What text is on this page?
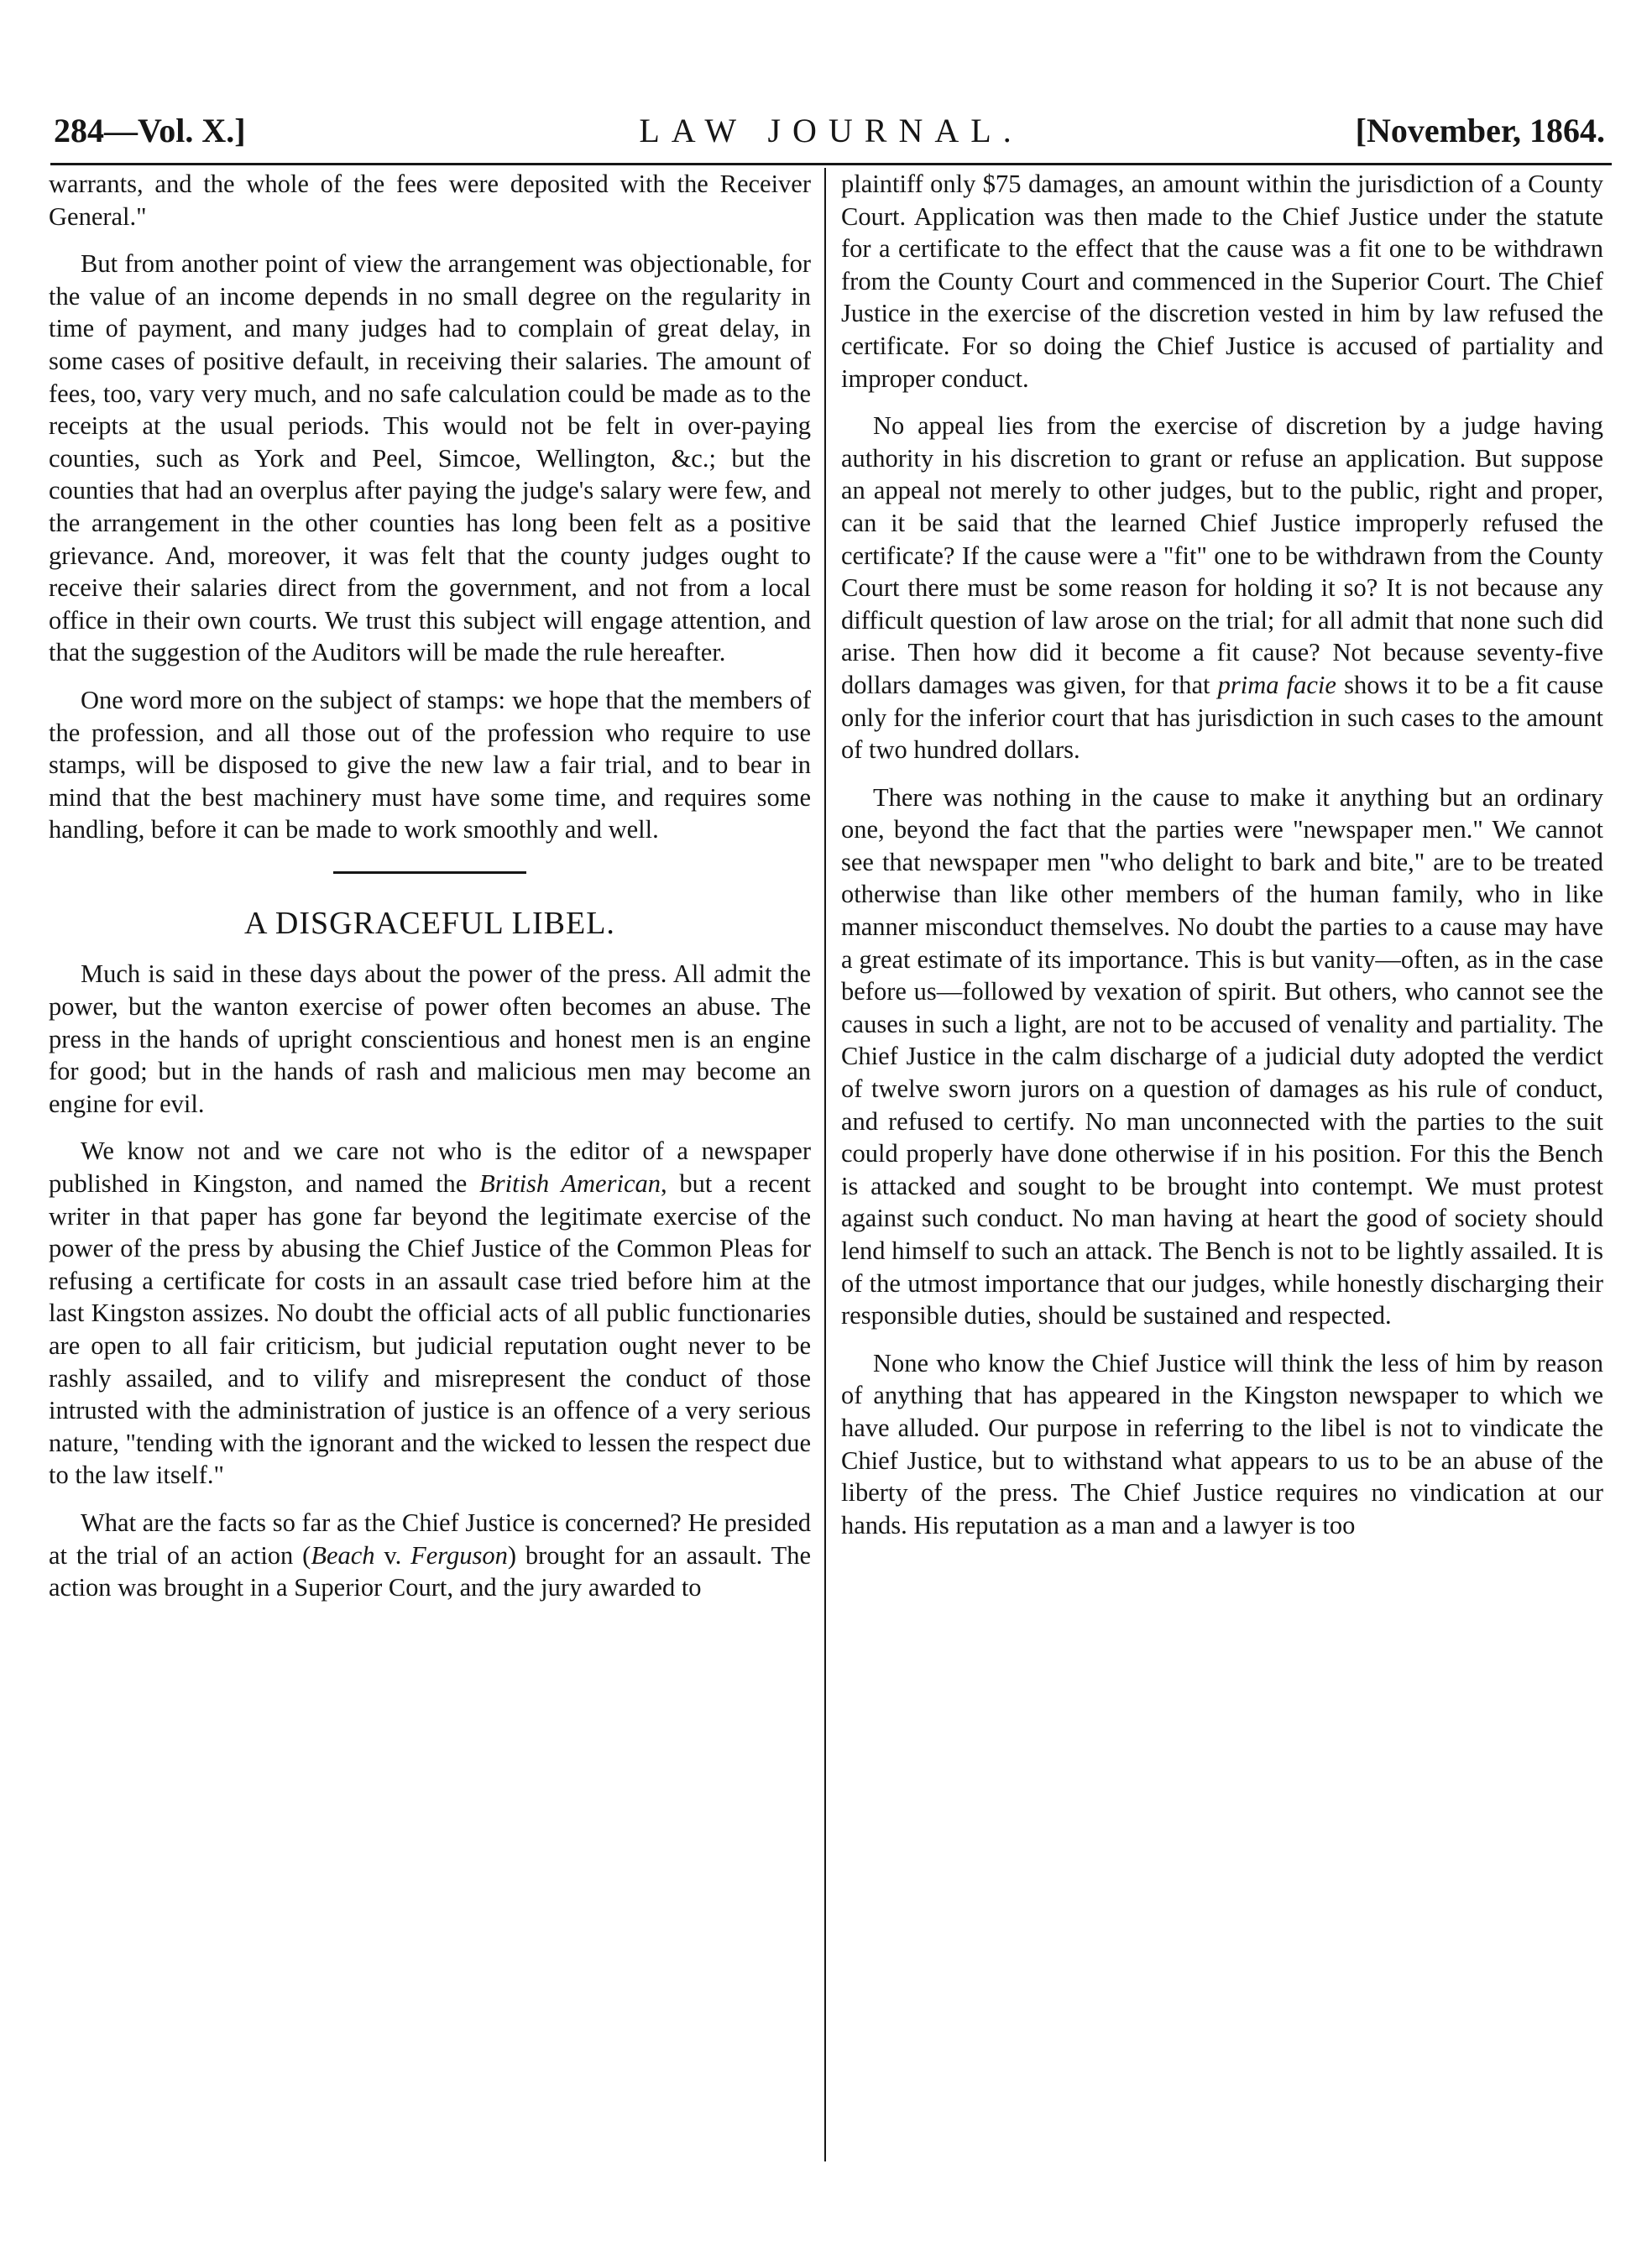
284—Vol. X.]	LAW JOURNAL.	[November, 1864.

warrants, and the whole of the fees were deposited with the Receiver General."

But from another point of view the arrangement was objectionable, for the value of an income depends in no small degree on the regularity in time of payment, and many judges had to complain of great delay, in some cases of positive default, in receiving their salaries. The amount of fees, too, vary very much, and no safe calculation could be made as to the receipts at the usual periods. This would not be felt in over-paying counties, such as York and Peel, Simcoe, Wellington, &c.; but the counties that had an overplus after paying the judge's salary were few, and the arrangement in the other counties has long been felt as a positive grievance. And, moreover, it was felt that the county judges ought to receive their salaries direct from the government, and not from a local office in their own courts. We trust this subject will engage attention, and that the suggestion of the Auditors will be made the rule hereafter.

One word more on the subject of stamps: we hope that the members of the profession, and all those out of the profession who require to use stamps, will be disposed to give the new law a fair trial, and to bear in mind that the best machinery must have some time, and requires some handling, before it can be made to work smoothly and well.

A DISGRACEFUL LIBEL.

Much is said in these days about the power of the press. All admit the power, but the wanton exercise of power often becomes an abuse. The press in the hands of upright conscientious and honest men is an engine for good; but in the hands of rash and malicious men may become an engine for evil.

We know not and we care not who is the editor of a newspaper published in Kingston, and named the British American, but a recent writer in that paper has gone far beyond the legitimate exercise of the power of the press by abusing the Chief Justice of the Common Pleas for refusing a certificate for costs in an assault case tried before him at the last Kingston assizes. No doubt the official acts of all public functionaries are open to all fair criticism, but judicial reputation ought never to be rashly assailed, and to vilify and misrepresent the conduct of those intrusted with the administration of justice is an offence of a very serious nature, "tending with the ignorant and the wicked to lessen the respect due to the law itself."

What are the facts so far as the Chief Justice is concerned? He presided at the trial of an action (Beach v. Ferguson) brought for an assault. The action was brought in a Superior Court, and the jury awarded to

plaintiff only $75 damages, an amount within the jurisdiction of a County Court. Application was then made to the Chief Justice under the statute for a certificate to the effect that the cause was a fit one to be withdrawn from the County Court and commenced in the Superior Court. The Chief Justice in the exercise of the discretion vested in him by law refused the certificate. For so doing the Chief Justice is accused of partiality and improper conduct.

No appeal lies from the exercise of discretion by a judge having authority in his discretion to grant or refuse an application. But suppose an appeal not merely to other judges, but to the public, right and proper, can it be said that the learned Chief Justice improperly refused the certificate? If the cause were a "fit" one to be withdrawn from the County Court there must be some reason for holding it so? It is not because any difficult question of law arose on the trial; for all admit that none such did arise. Then how did it become a fit cause? Not because seventy-five dollars damages was given, for that prima facie shows it to be a fit cause only for the inferior court that has jurisdiction in such cases to the amount of two hundred dollars.

There was nothing in the cause to make it anything but an ordinary one, beyond the fact that the parties were "newspaper men." We cannot see that newspaper men "who delight to bark and bite," are to be treated otherwise than like other members of the human family, who in like manner misconduct themselves. No doubt the parties to a cause may have a great estimate of its importance. This is but vanity—often, as in the case before us—followed by vexation of spirit. But others, who cannot see the causes in such a light, are not to be accused of venality and partiality. The Chief Justice in the calm discharge of a judicial duty adopted the verdict of twelve sworn jurors on a question of damages as his rule of conduct, and refused to certify. No man unconnected with the parties to the suit could properly have done otherwise if in his position. For this the Bench is attacked and sought to be brought into contempt. We must protest against such conduct. No man having at heart the good of society should lend himself to such an attack. The Bench is not to be lightly assailed. It is of the utmost importance that our judges, while honestly discharging their responsible duties, should be sustained and respected.

None who know the Chief Justice will think the less of him by reason of anything that has appeared in the Kingston newspaper to which we have alluded. Our purpose in referring to the libel is not to vindicate the Chief Justice, but to withstand what appears to us to be an abuse of the liberty of the press. The Chief Justice requires no vindication at our hands. His reputation as a man and a lawyer is too
